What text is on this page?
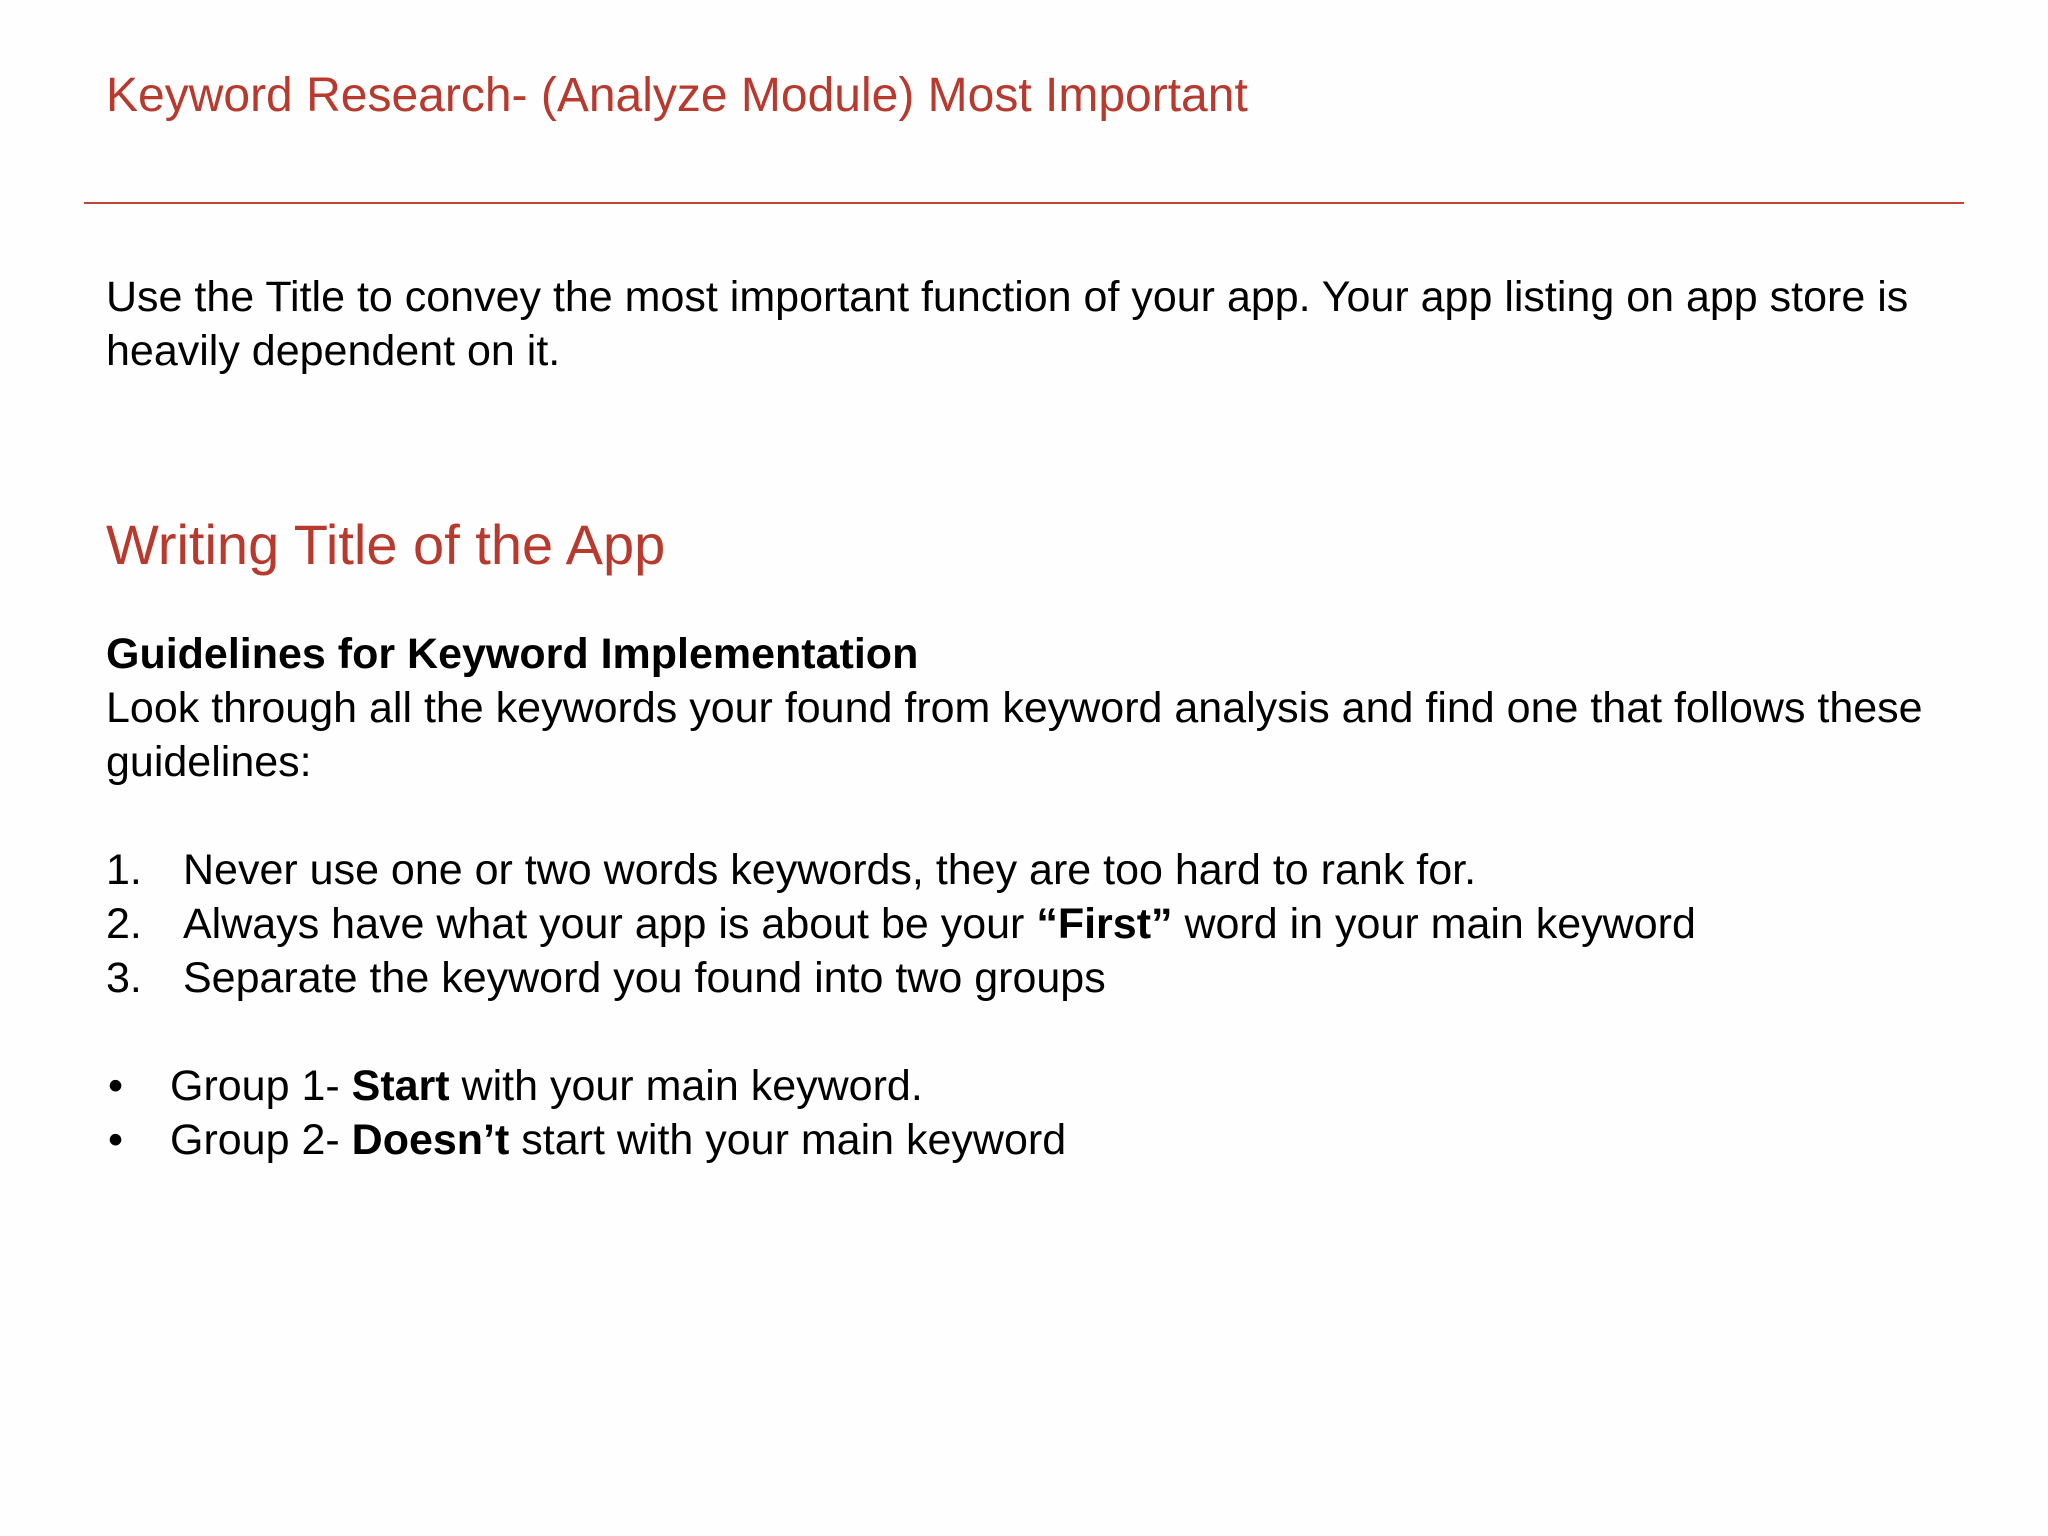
Keyword Research- (Analyze Module) Most Important

Use the Title to convey the most important function of your app. Your app listing on app store is heavily dependent on it.

Writing Title of the App

Guidelines for Keyword Implementation

Look through all the keywords your found from keyword analysis and find one that follows these guidelines:

1. Never use one or two words keywords, they are too hard to rank for.
2. Always have what your app is about be your “First” word in your main keyword
3. Separate the keyword you found into two groups
• Group 1- Start with your main keyword.
• Group 2- Doesn’t start with your main keyword
